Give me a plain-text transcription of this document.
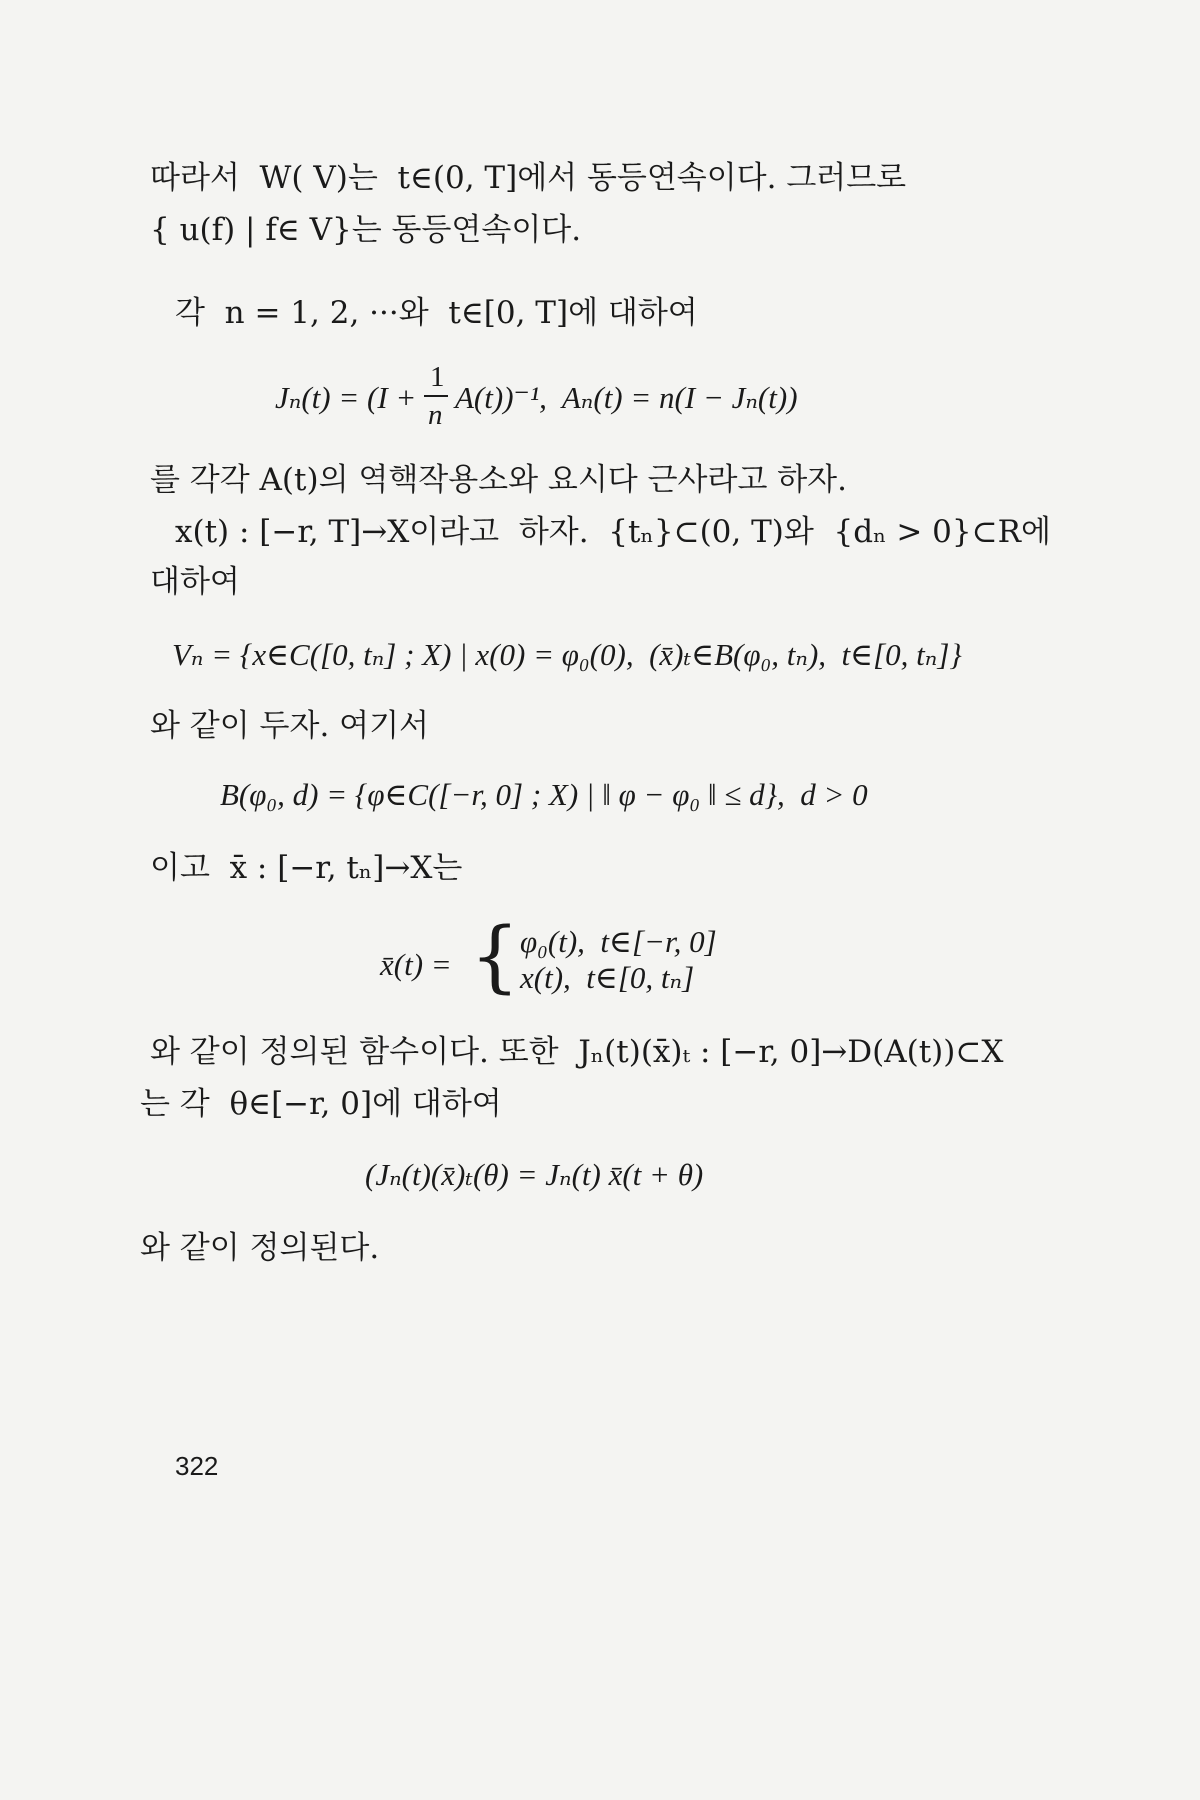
따라서  W( V)는  t∈(0, T]에서 동등연속이다. 그러므로
{ u(f) | f∈ V}는 동등연속이다.
각  n = 1, 2, ···와  t∈[0, T]에 대하여
Jₙ(t) = (I +
1
n A(t))⁻¹,  Aₙ(t) = n(I − Jₙ(t))
를 각각 A(t)의 역핵작용소와 요시다 근사라고 하자.
x(t) : [−r, T]→X이라고  하자.  {tₙ}⊂(0, T)와  {dₙ > 0}⊂R에
대하여
Vₙ = {x∈C([0, tₙ] ; X) | x(0) = φ₀(0),  (x̄)ₜ∈B(φ₀, tₙ),  t∈[0, tₙ]}
와 같이 두자. 여기서
B(φ₀, d) = {φ∈C([−r, 0] ; X) | ‖ φ − φ₀ ‖ ≤ d},  d > 0
이고  x̄ : [−r, tₙ]→X는
x̄(t) = { φ₀(t),  t∈[−r, 0]
x(t),  t∈[0, tₙ]
와 같이 정의된 함수이다. 또한  Jₙ(t)(x̄)ₜ : [−r, 0]→D(A(t))⊂X
는 각  θ∈[−r, 0]에 대하여
(Jₙ(t)(x̄)ₜ(θ) = Jₙ(t) x̄(t + θ)
와 같이 정의된다.
322
